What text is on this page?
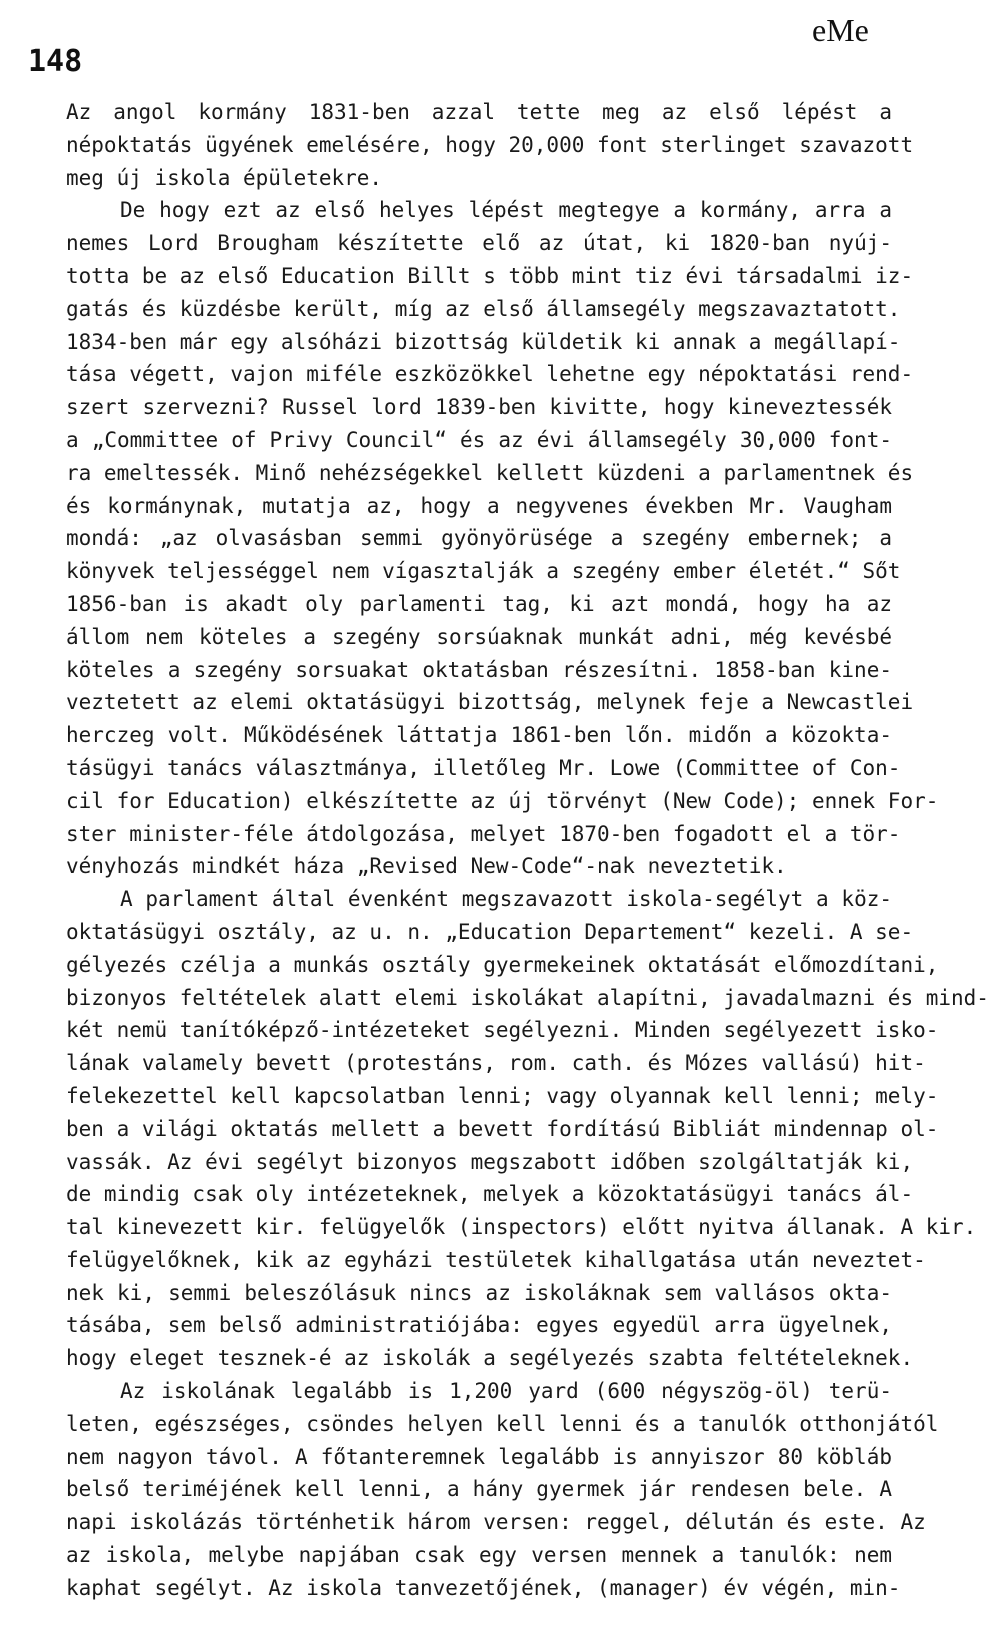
148
eMe
Az angol kormány 1831-ben azzal tette meg az első lépést a
népoktatás ügyének emelésére, hogy 20,000 font sterlinget szavazott
meg új iskola épületekre.
De hogy ezt az első helyes lépést megtegye a kormány, arra a
nemes Lord Brougham készítette elő az útat, ki 1820-ban nyúj-
totta be az első Education Billt s több mint tiz évi társadalmi iz-
gatás és küzdésbe került, míg az első államsegély megszavaztatott.
1834-ben már egy alsóházi bizottság küldetik ki annak a megállapí-
tása végett, vajon miféle eszközökkel lehetne egy népoktatási rend-
szert szervezni? Russel lord 1839-ben kivitte, hogy kineveztessék
a „Committee of Privy Council“ és az évi államsegély 30,000 font-
ra emeltessék. Minő nehézségekkel kellett küzdeni a parlamentnek és
és kormánynak, mutatja az, hogy a negyvenes években Mr. Vaugham
mondá: „az olvasásban semmi gyönyörüsége a szegény embernek; a
könyvek teljességgel nem vígasztalják a szegény ember életét.“ Sőt
1856-ban is akadt oly parlamenti tag, ki azt mondá, hogy ha az
állom nem köteles a szegény sorsúaknak munkát adni, még kevésbé
köteles a szegény sorsuakat oktatásban részesítni. 1858-ban kine-
veztetett az elemi oktatásügyi bizottság, melynek feje a Newcastlei
herczeg volt. Működésének láttatja 1861-ben lőn. midőn a közokta-
tásügyi tanács választmánya, illetőleg Mr. Lowe (Committee of Con-
cil for Education) elkészítette az új törvényt (New Code); ennek For-
ster minister-féle átdolgozása, melyet 1870-ben fogadott el a tör-
vényhozás mindkét háza „Revised New-Code“-nak neveztetik.
A parlament által évenként megszavazott iskola-segélyt a köz-
oktatásügyi osztály, az u. n. „Education Departement“ kezeli. A se-
gélyezés czélja a munkás osztály gyermekeinek oktatását előmozdítani,
bizonyos feltételek alatt elemi iskolákat alapítni, javadalmazni és mind-
két nemü tanítóképző-intézeteket segélyezni. Minden segélyezett isko-
lának valamely bevett (protestáns, rom. cath. és Mózes vallású) hit-
felekezettel kell kapcsolatban lenni; vagy olyannak kell lenni; mely-
ben a világi oktatás mellett a bevett fordítású Bibliát mindennap ol-
vassák. Az évi segélyt bizonyos megszabott időben szolgáltatják ki,
de mindig csak oly intézeteknek, melyek a közoktatásügyi tanács ál-
tal kinevezett kir. felügyelők (inspectors) előtt nyitva állanak. A kir.
felügyelőknek, kik az egyházi testületek kihallgatása után neveztet-
nek ki, semmi beleszólásuk nincs az iskoláknak sem vallásos okta-
tásába, sem belső administratiójába: egyes egyedül arra ügyelnek,
hogy eleget tesznek-é az iskolák a segélyezés szabta feltételeknek.
Az iskolának legalább is 1,200 yard (600 négyszög-öl) terü-
leten, egészséges, csöndes helyen kell lenni és a tanulók otthonjától
nem nagyon távol. A főtanteremnek legalább is annyiszor 80 köbláb
belső teriméjének kell lenni, a hány gyermek jár rendesen bele. A
napi iskolázás történhetik három versen: reggel, délután és este. Az
az iskola, melybe napjában csak egy versen mennek a tanulók: nem
kaphat segélyt. Az iskola tanvezetőjének, (manager) év végén, min-
